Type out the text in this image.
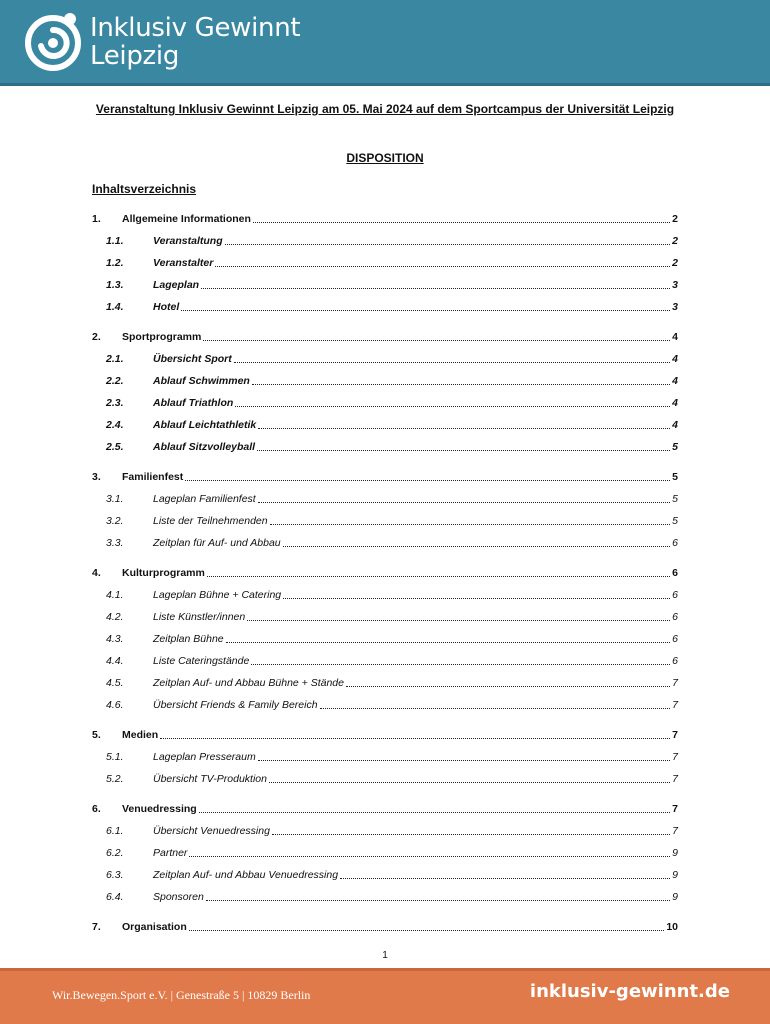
Inklusiv Gewinnt
Leipzig
Veranstaltung Inklusiv Gewinnt Leipzig am 05. Mai 2024 auf dem Sportcampus der Universität Leipzig
DISPOSITION
Inhaltsverzeichnis
1.	Allgemeine Informationen	2
1.1.	Veranstaltung	2
1.2.	Veranstalter	2
1.3.	Lageplan	3
1.4.	Hotel	3
2.	Sportprogramm	4
2.1.	Übersicht Sport	4
2.2.	Ablauf Schwimmen	4
2.3.	Ablauf Triathlon	4
2.4.	Ablauf Leichtathletik	4
2.5.	Ablauf Sitzvolleyball	5
3.	Familienfest	5
3.1.	Lageplan Familienfest	5
3.2.	Liste der Teilnehmenden	5
3.3.	Zeitplan für Auf- und Abbau	6
4.	Kulturprogramm	6
4.1.	Lageplan Bühne + Catering	6
4.2.	Liste Künstler/innen	6
4.3.	Zeitplan Bühne	6
4.4.	Liste Cateringstände	6
4.5.	Zeitplan Auf- und Abbau Bühne + Stände	7
4.6.	Übersicht Friends & Family Bereich	7
5.	Medien	7
5.1.	Lageplan Presseraum	7
5.2.	Übersicht TV-Produktion	7
6.	Venuedressing	7
6.1.	Übersicht Venuedressing	7
6.2.	Partner	9
6.3.	Zeitplan Auf- und Abbau Venuedressing	9
6.4.	Sponsoren	9
7.	Organisation	10
1
Wir.Bewegen.Sport e.V. | Genestraße 5 | 10829 Berlin	inklusiv-gewinnt.de
